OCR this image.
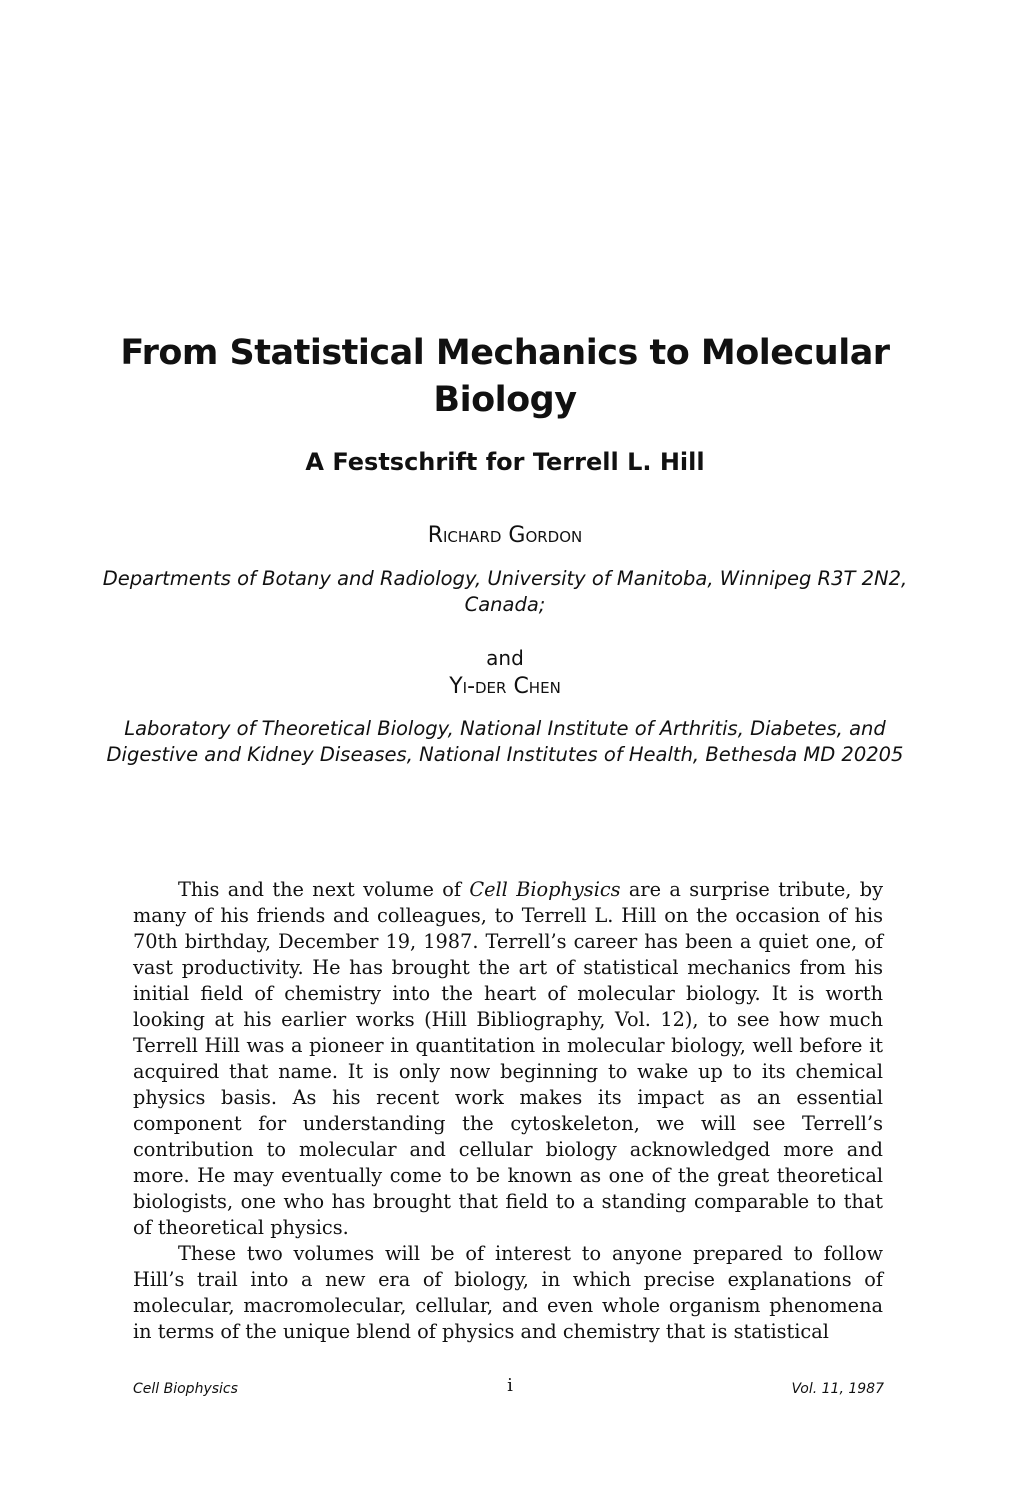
From Statistical Mechanics to Molecular Biology
A Festschrift for Terrell L. Hill
Richard Gordon
Departments of Botany and Radiology, University of Manitoba, Winnipeg R3T 2N2, Canada;
and
Yi-der Chen
Laboratory of Theoretical Biology, National Institute of Arthritis, Diabetes, and Digestive and Kidney Diseases, National Institutes of Health, Bethesda MD 20205

This and the next volume of Cell Biophysics are a surprise tribute, by many of his friends and colleagues, to Terrell L. Hill on the occasion of his 70th birthday, December 19, 1987. Terrell’s career has been a quiet one, of vast productivity. He has brought the art of statistical mechanics from his initial field of chemistry into the heart of molecular biology. It is worth looking at his earlier works (Hill Bibliography, Vol. 12), to see how much Terrell Hill was a pioneer in quantitation in molecular biology, well before it acquired that name. It is only now beginning to wake up to its chemical physics basis. As his recent work makes its impact as an essential component for understanding the cytoskeleton, we will see Terrell’s contribution to molecular and cellular biology acknowledged more and more. He may eventually come to be known as one of the great theoretical biologists, one who has brought that field to a standing comparable to that of theoretical physics.

These two volumes will be of interest to anyone prepared to follow Hill’s trail into a new era of biology, in which precise explanations of molecular, macromolecular, cellular, and even whole organism phenomena in terms of the unique blend of physics and chemistry that is statistical

Cell Biophysics	i	Vol. 11, 1987
